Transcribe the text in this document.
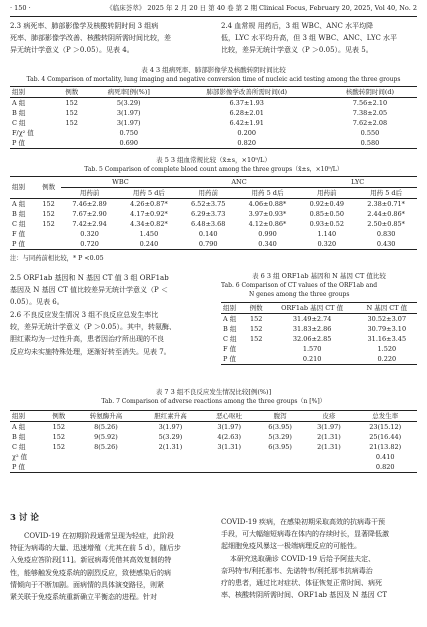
· 150 ·	《临床荟萃》 2025 年 2 月 20 日 第 40 卷 第 2 期 Clinical Focus, February 20, 2025, Vol 40, No. 2
2.3 病死率、肺部影像学及核酸转阴时间 3 组病
死率、肺部影像学改善、核酸转阴所需时间比较，差
异无统计学意义（P ＞0.05）。见表 4。
2.4 血常规 用药后，3 组 WBC、ANC 水平均降
低，LYC 水平均升高，但 3 组 WBC、ANC、LYC 水平
比较，差异无统计学意义（P ＞0.05）。见表 5。
表 4 3 组病死率、肺部影像学及核酸转阴时间比较
Tab. 4 Comparison of mortality, lung imaging and negative conversion time of nucleic acid testing among the three groups
组别	例数	病死率[例(%)]	肺部影像学改善所需时间(d)	核酸转阴时间(d)
A 组	152	5(3.29)	6.37±1.93	7.56±2.10
B 组	152	3(1.97)	6.28±2.01	7.38±2.05
C 组	152	3(1.97)	6.42±1.91	7.62±2.08
F/χ² 值		0.750	0.200	0.550
P 值		0.690	0.820	0.580
表 5 3 组血常规比较（x̄±s，×10⁹/L）
Tab. 5 Comparison of complete blood count among the three groups（x̄±s，×10⁹/L）
组别	例数	WBC		ANC		LYC	
		用药前	用药 5 d后	用药前	用药 5 d后	用药前	用药 5 d后
A 组	152	7.46±2.89	4.26±0.87*	6.52±3.75	4.06±0.88*	0.92±0.49	2.38±0.71*
B 组	152	7.67±2.90	4.17±0.92*	6.29±3.73	3.97±0.93*	0.85±0.50	2.44±0.86*
C 组	152	7.42±2.94	4.34±0.82*	6.48±3.68	4.12±0.86*	0.93±0.52	2.50±0.85*
F 值		0.320	1.450	0.140	0.990	1.140	0.830
P 值		0.720	0.240	0.790	0.340	0.320	0.430
注：与同药前相比较，* P <0.05
2.5 ORF1ab 基因和 N 基因 CT 值 3 组 ORF1ab
基因及 N 基因 CT 值比较差异无统计学意义（P ＜
0.05）。见表 6。
2.6 不良反应发生情况 3 组不良反应总发生率比
较，差异无统计学意义（P ＞0.05）。其中，转氨酶、
胆红素均为一过性升高，患者因治疗所出现的不良
反应均未实施特殊处理，逐渐好转至消失。见表 7。
表 6 3 组 ORF1ab 基因和 N 基因 CT 值比较
Tab. 6 Comparison of CT values of the ORF1ab and
N genes among the three groups
组别	例数	ORF1ab 基因 CT 值	N 基因 CT 值
A 组	152	31.49±2.74	30.52±3.07
B 组	152	31.83±2.86	30.79±3.10
C 组	152	32.06±2.85	31.16±3.45
F 值		1.570	1.520
P 值		0.210	0.220
表 7 3 组不良反应发生情况比较[例(%)]
Tab. 7 Comparison of adverse reactions among the three groups（n [%]）
组别	例数	转氨酶升高	胆红素升高	恶心呕吐	腹泻	皮疹	总发生率
A 组	152	8(5.26)	3(1.97)	3(1.97)	6(3.95)	3(1.97)	23(15.12)
B 组	152	9(5.92)	5(3.29)	4(2.63)	5(3.29)	2(1.31)	25(16.44)
C 组	152	8(5.26)	2(1.31)	3(1.31)	6(3.95)	2(1.31)	21(13.82)
χ² 值							0.410
P 值							0.820
3 讨 论
COVID-19 在初期阶段通常呈现为轻症，此阶段
特征为病毒的大量、迅速增殖（尤其在前 5 d），随后步
入免疫应答阶段[11]。新冠病毒凭借其高效复制的特
性，能够触发免疫系统的剧烈反应，致使感染后的病
情倾向于不断加剧。面病情的具体演变路径，则紧
紧关联于免疫系统重新确立平衡态的进程。针对
COVID-19 疾病，在感染初期采取高效的抗病毒干预
手段，可大幅缩短病毒在体内的存续时长，显著降低激
起细胞免疫风暴这一极端病理反应的可能性。
本研究选取确诊 COVID-19 后给予阿兹夫定、
奈玛特韦/利托那韦、先诺特韦/利托那韦抗病毒治
疗的患者，通过比对症状、体征恢复正常时间、病死
率、核酸转阴所需时间、ORF1ab 基因及 N 基因 CT
